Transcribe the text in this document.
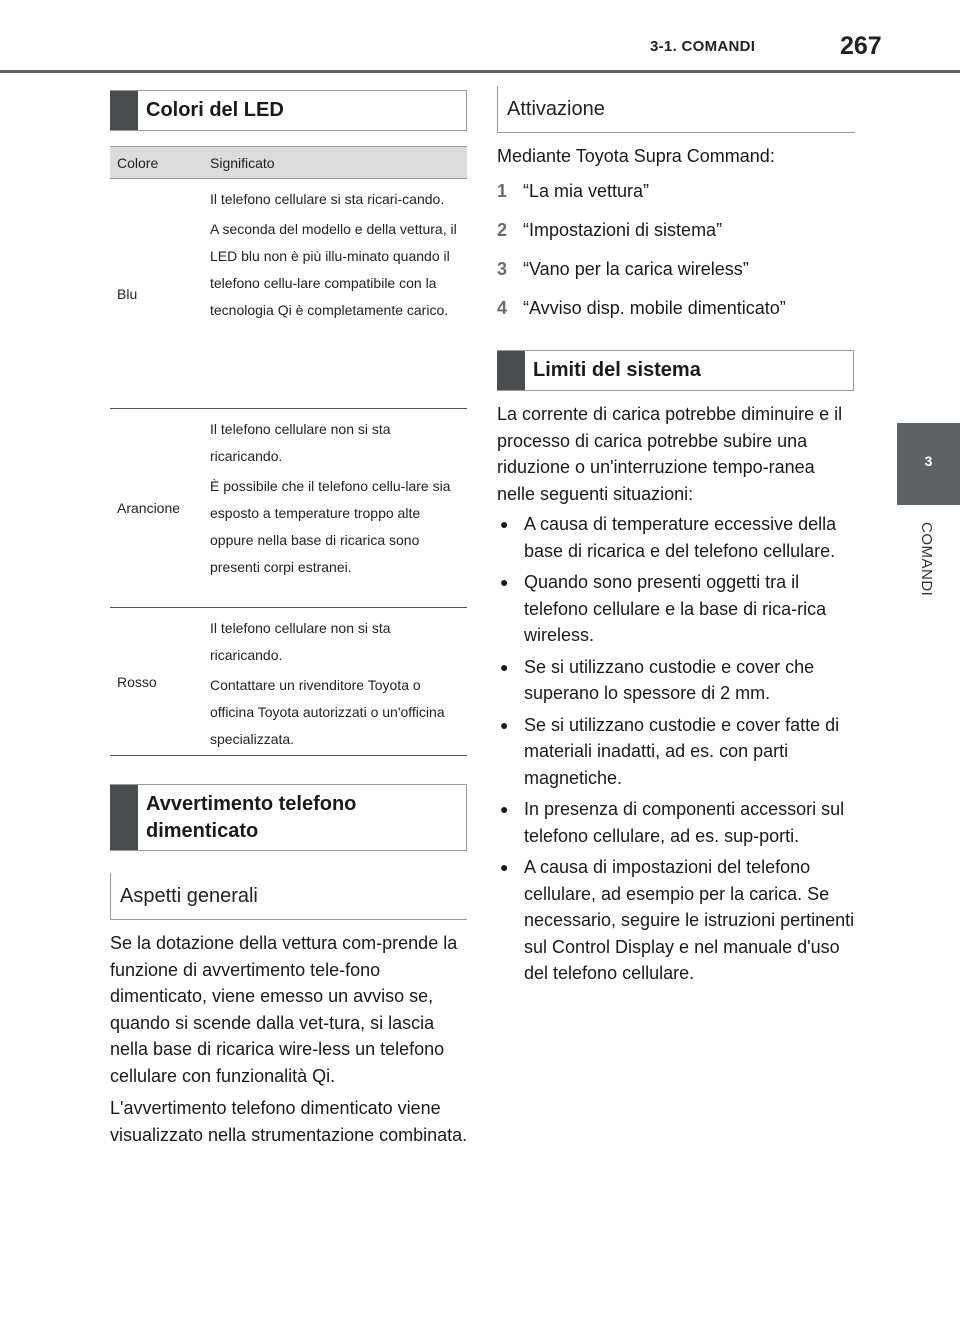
3-1. COMANDI	267
3
COMANDI
Colori del LED
Colore	Significato
Blu

Il telefono cellulare si sta ricari-cando.

A seconda del modello e della vettura, il LED blu non è più illu-minato quando il telefono cellu-lare compatibile con la tecnologia Qi è completamente carico.

Arancione

Il telefono cellulare non si sta ricaricando.

È possibile che il telefono cellu-lare sia esposto a temperature troppo alte oppure nella base di ricarica sono presenti corpi estranei.

Rosso

Il telefono cellulare non si sta ricaricando.

Contattare un rivenditore Toyota o officina Toyota autorizzati o un'officina specializzata.

Avvertimento telefono dimenticato
Aspetti generali

Se la dotazione della vettura com-prende la funzione di avvertimento tele-fono dimenticato, viene emesso un avviso se, quando si scende dalla vet-tura, si lascia nella base di ricarica wire-less un telefono cellulare con funzionalità Qi.

L'avvertimento telefono dimenticato viene visualizzato nella strumentazione combinata.

Attivazione
Mediante Toyota Supra Command:
1 “La mia vettura”
2 “Impostazioni di sistema”
3 “Vano per la carica wireless”
4 “Avviso disp. mobile dimenticato”
Limiti del sistema
La corrente di carica potrebbe diminuire e il processo di carica potrebbe subire una riduzione o un'interruzione tempo-ranea nelle seguenti situazioni:
● A causa di temperature eccessive della base di ricarica e del telefono cellulare.
● Quando sono presenti oggetti tra il telefono cellulare e la base di rica-rica wireless.
● Se si utilizzano custodie e cover che superano lo spessore di 2 mm.
● Se si utilizzano custodie e cover fatte di materiali inadatti, ad es. con parti magnetiche.
● In presenza di componenti accessori sul telefono cellulare, ad es. sup-porti.
● A causa di impostazioni del telefono cellulare, ad esempio per la carica. Se necessario, seguire le istruzioni pertinenti sul Control Display e nel manuale d'uso del telefono cellulare.
